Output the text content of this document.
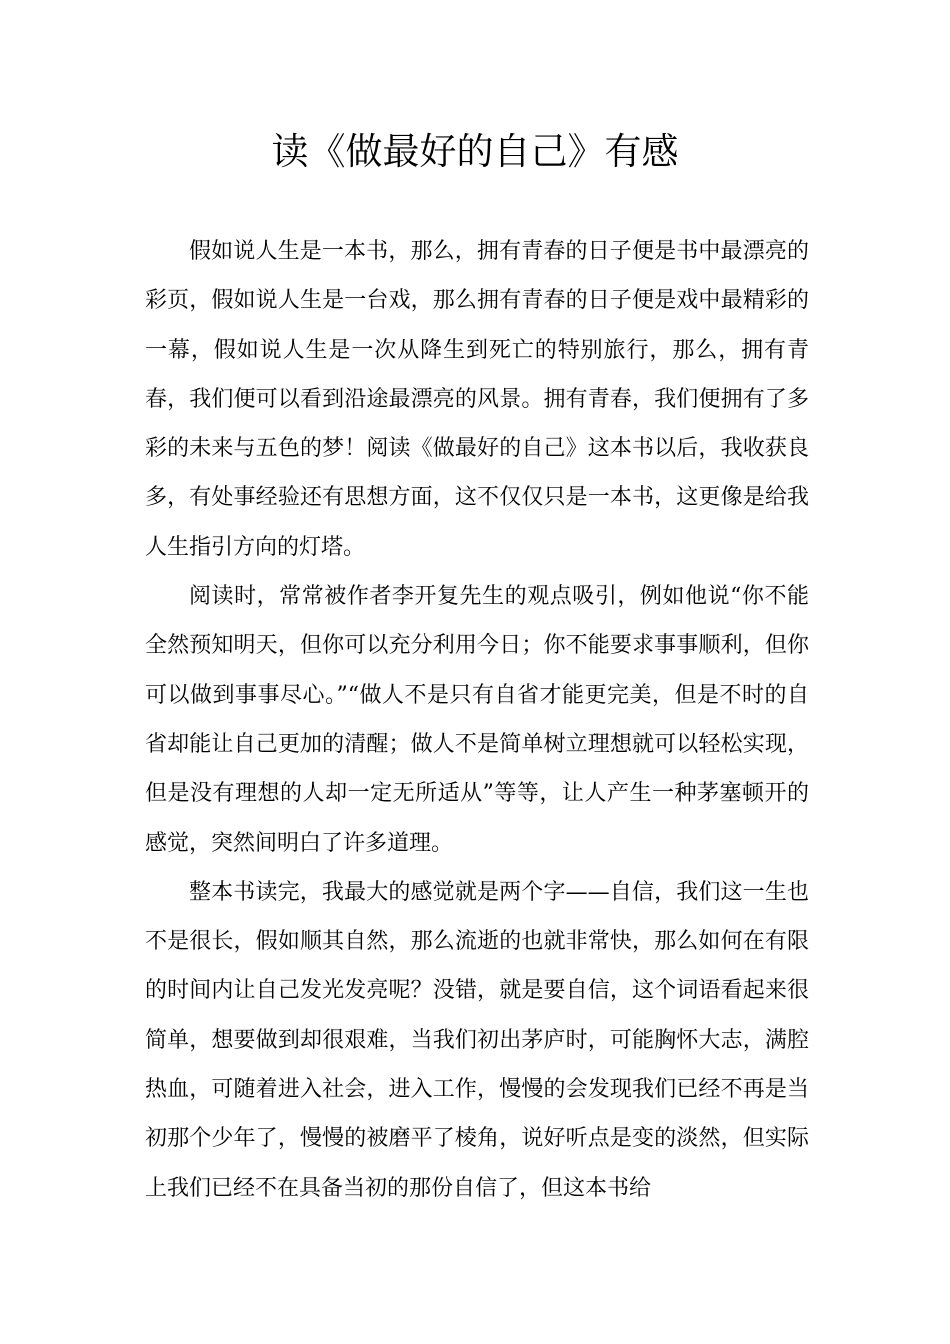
读《做最好的自己》有感

假如说人生是一本书，那么，拥有青春的日子便是书中最漂亮的彩页，假如说人生是一台戏，那么拥有青春的日子便是戏中最精彩的一幕，假如说人生是一次从降生到死亡的特别旅行，那么，拥有青春，我们便可以看到沿途最漂亮的风景。拥有青春，我们便拥有了多彩的未来与五色的梦！阅读《做最好的自己》这本书以后，我收获良多，有处事经验还有思想方面，这不仅仅只是一本书，这更像是给我人生指引方向的灯塔。

阅读时，常常被作者李开复先生的观点吸引，例如他说“你不能全然预知明天，但你可以充分利用今日；你不能要求事事顺利，但你可以做到事事尽心。”“做人不是只有自省才能更完美，但是不时的自省却能让自己更加的清醒；做人不是简单树立理想就可以轻松实现，但是没有理想的人却一定无所适从”等等，让人产生一种茅塞顿开的感觉，突然间明白了许多道理。

整本书读完，我最大的感觉就是两个字——自信，我们这一生也不是很长，假如顺其自然，那么流逝的也就非常快，那么如何在有限的时间内让自己发光发亮呢？没错，就是要自信，这个词语看起来很简单，想要做到却很艰难，当我们初出茅庐时，可能胸怀大志，满腔热血，可随着进入社会，进入工作，慢慢的会发现我们已经不再是当初那个少年了，慢慢的被磨平了棱角，说好听点是变的淡然，但实际上我们已经不在具备当初的那份自信了，但这本书给
